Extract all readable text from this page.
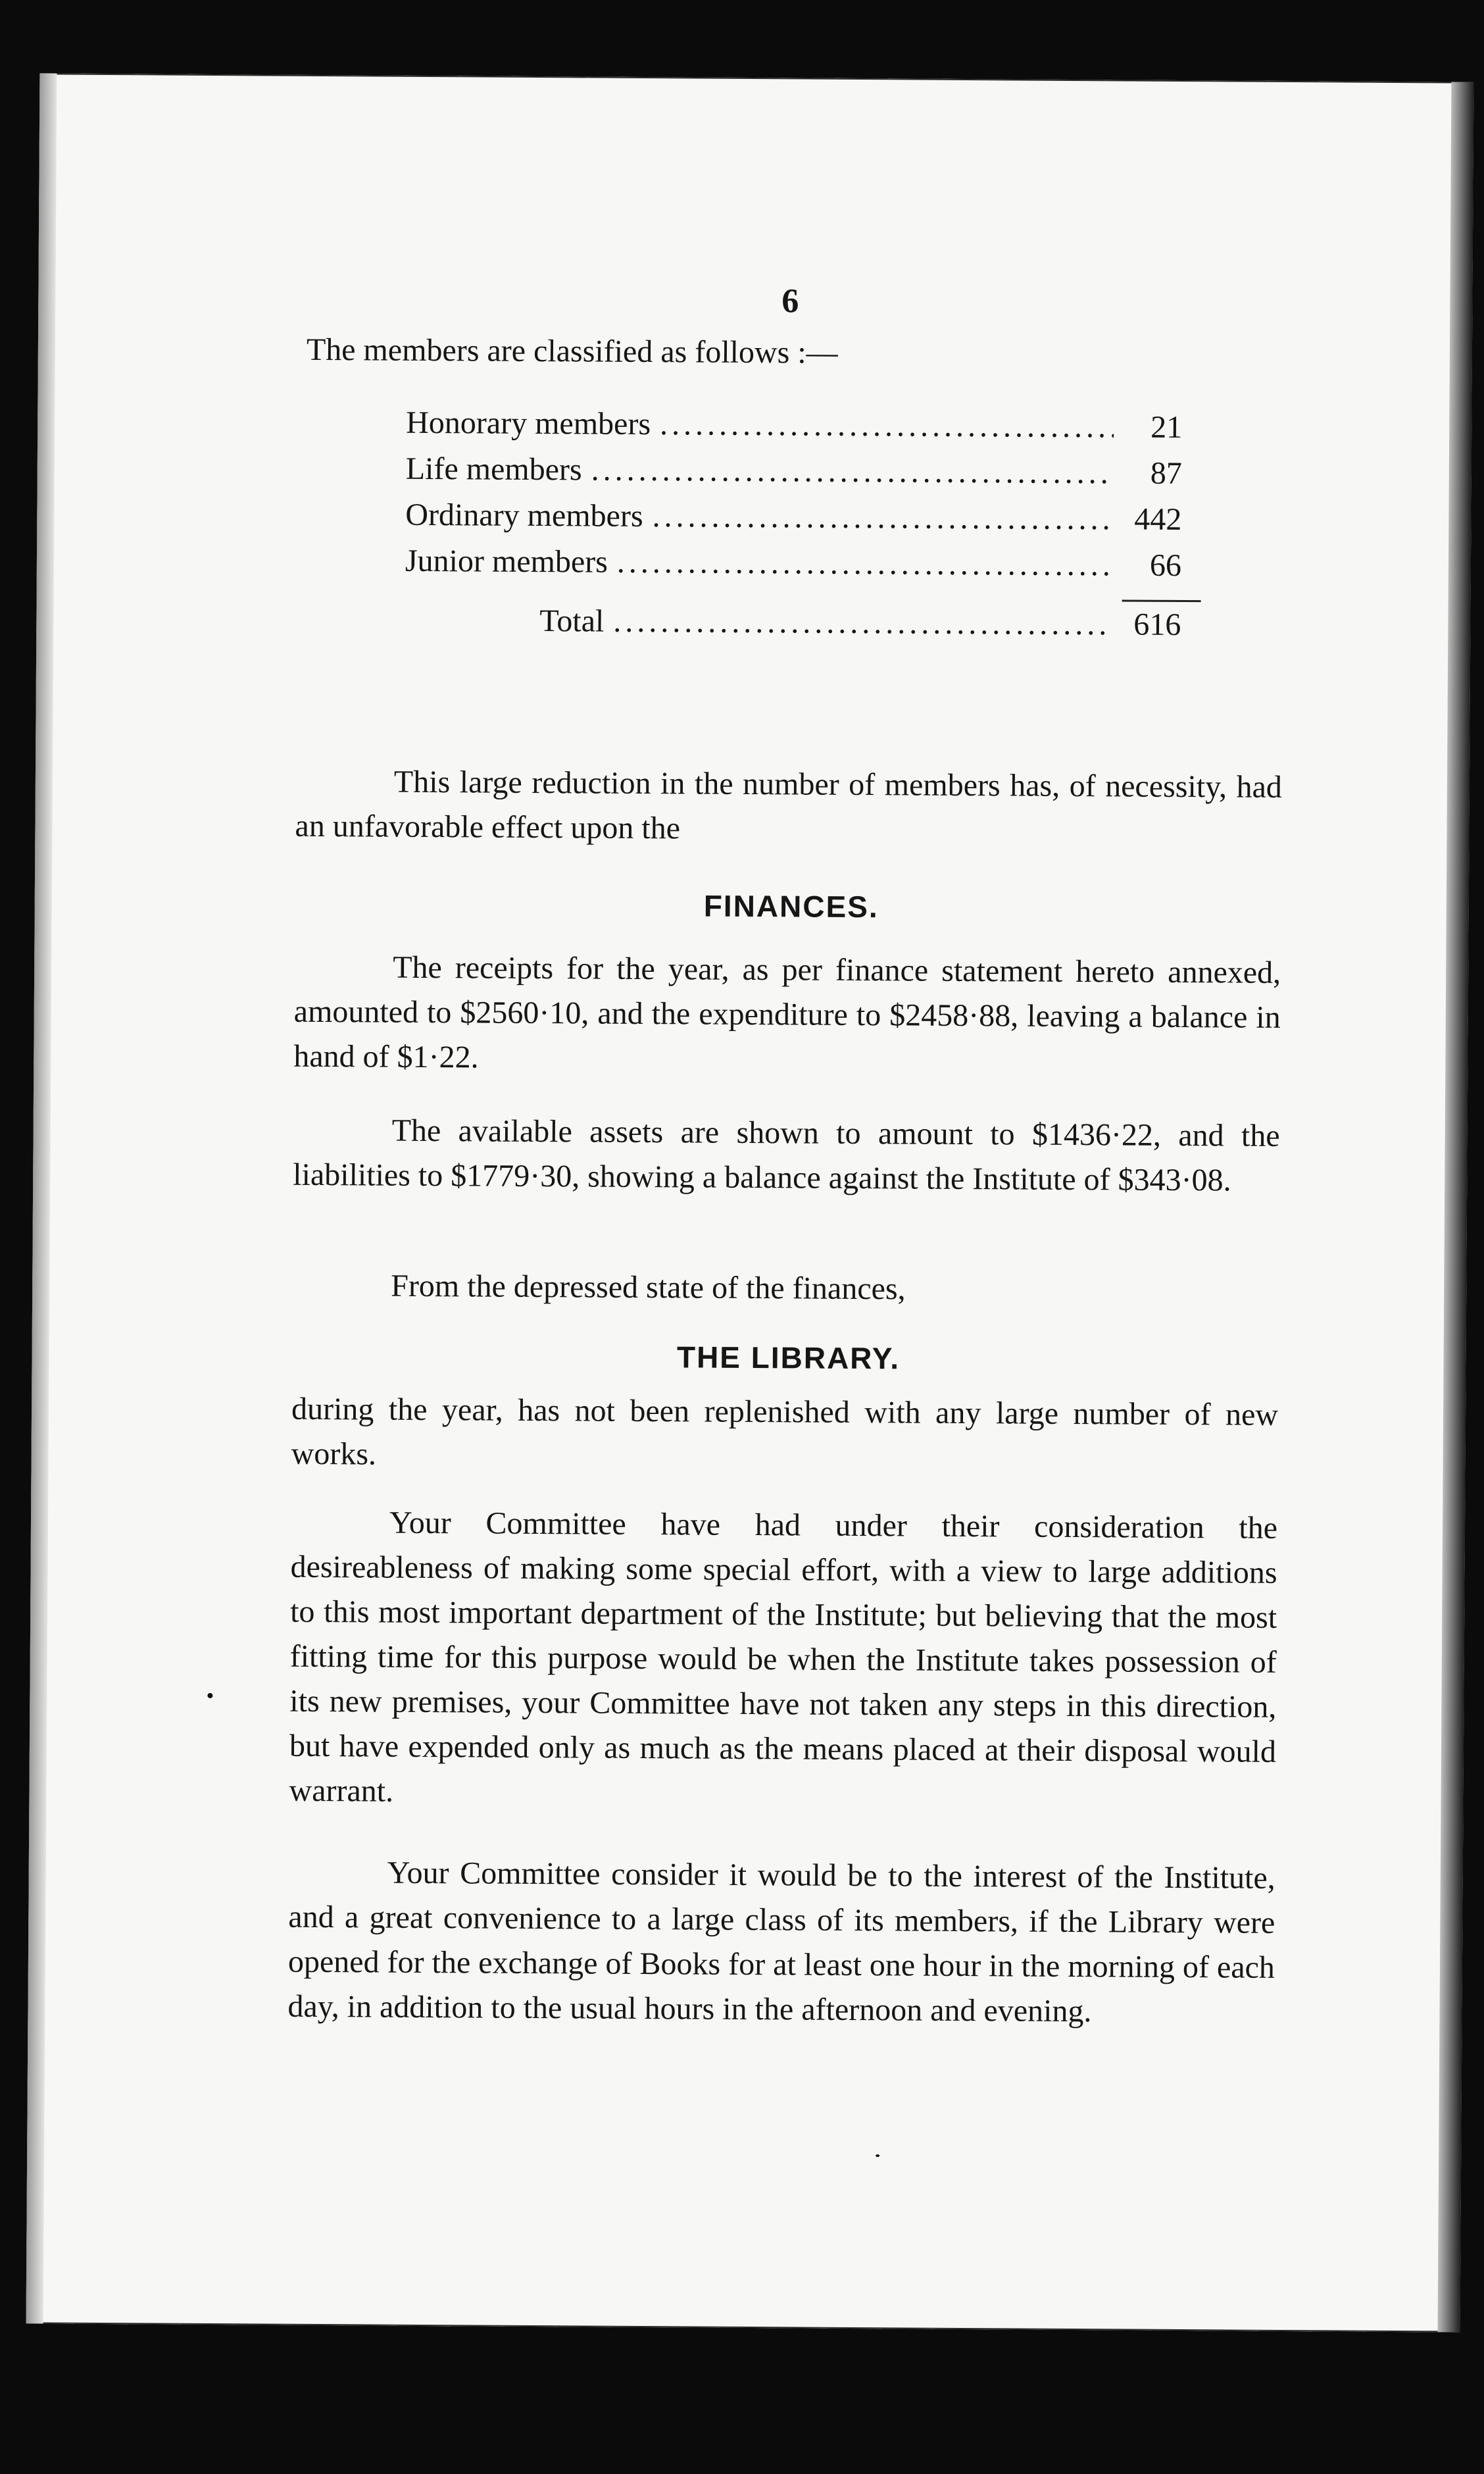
6
The members are classified as follows :—
Honorary members .....	21
Life members .....	87
Ordinary members .....	442
Junior members .....	66
Total .....	616

This large reduction in the number of members has, of necessity, had an unfavorable effect upon the

FINANCES.

The receipts for the year, as per finance statement hereto annexed, amounted to $2560·10, and the expenditure to $2458·88, leaving a balance in hand of $1·22.

The available assets are shown to amount to $1436·22, and the liabilities to $1779·30, showing a balance against the Institute of $343·08.

From the depressed state of the finances,

THE LIBRARY.

during the year, has not been replenished with any large number of new works.

Your Committee have had under their consideration the desireableness of making some special effort, with a view to large additions to this most important department of the Institute; but believing that the most fitting time for this purpose would be when the Institute takes possession of its new premises, your Committee have not taken any steps in this direction, but have expended only as much as the means placed at their disposal would warrant.

Your Committee consider it would be to the interest of the Institute, and a great convenience to a large class of its members, if the Library were opened for the exchange of Books for at least one hour in the morning of each day, in addition to the usual hours in the afternoon and evening.
